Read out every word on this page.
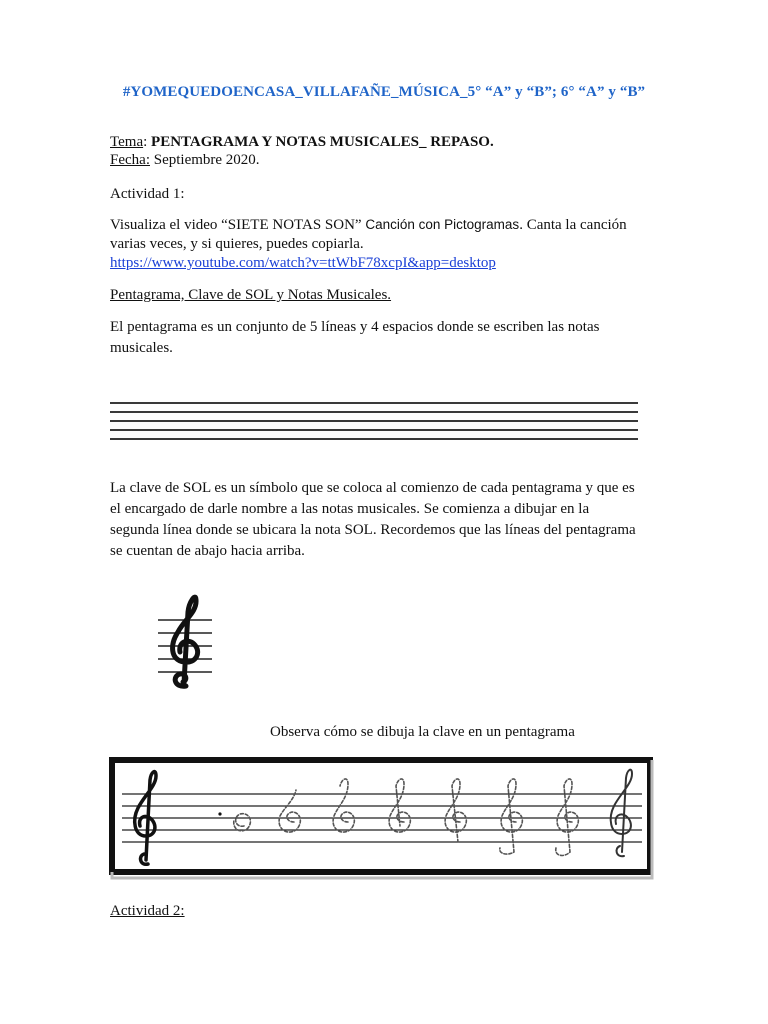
#YOMEQUEDOENCASA_VILLAFAÑE_MÚSICA_5° “A” y “B”; 6° “A” y “B”
Tema: PENTAGRAMA Y NOTAS MUSICALES_ REPASO.
Fecha: Septiembre 2020.
Actividad 1:
Visualiza el video “SIETE NOTAS SON” Canción con Pictogramas. Canta la canción
varias veces, y si quieres, puedes copiarla.
https://www.youtube.com/watch?v=ttWbF78xcpI&app=desktop
Pentagrama, Clave de SOL y Notas Musicales.
El pentagrama es un conjunto de 5 líneas y 4 espacios donde se escriben las notas
musicales.
La clave de SOL es un símbolo que se coloca al comienzo de cada pentagrama y que es
el encargado de darle nombre a las notas musicales. Se comienza a dibujar en la
segunda línea donde se ubicara la nota SOL. Recordemos que las líneas del pentagrama
se cuentan de abajo hacia arriba.
Observa cómo se dibuja la clave en un pentagrama
Actividad 2:
